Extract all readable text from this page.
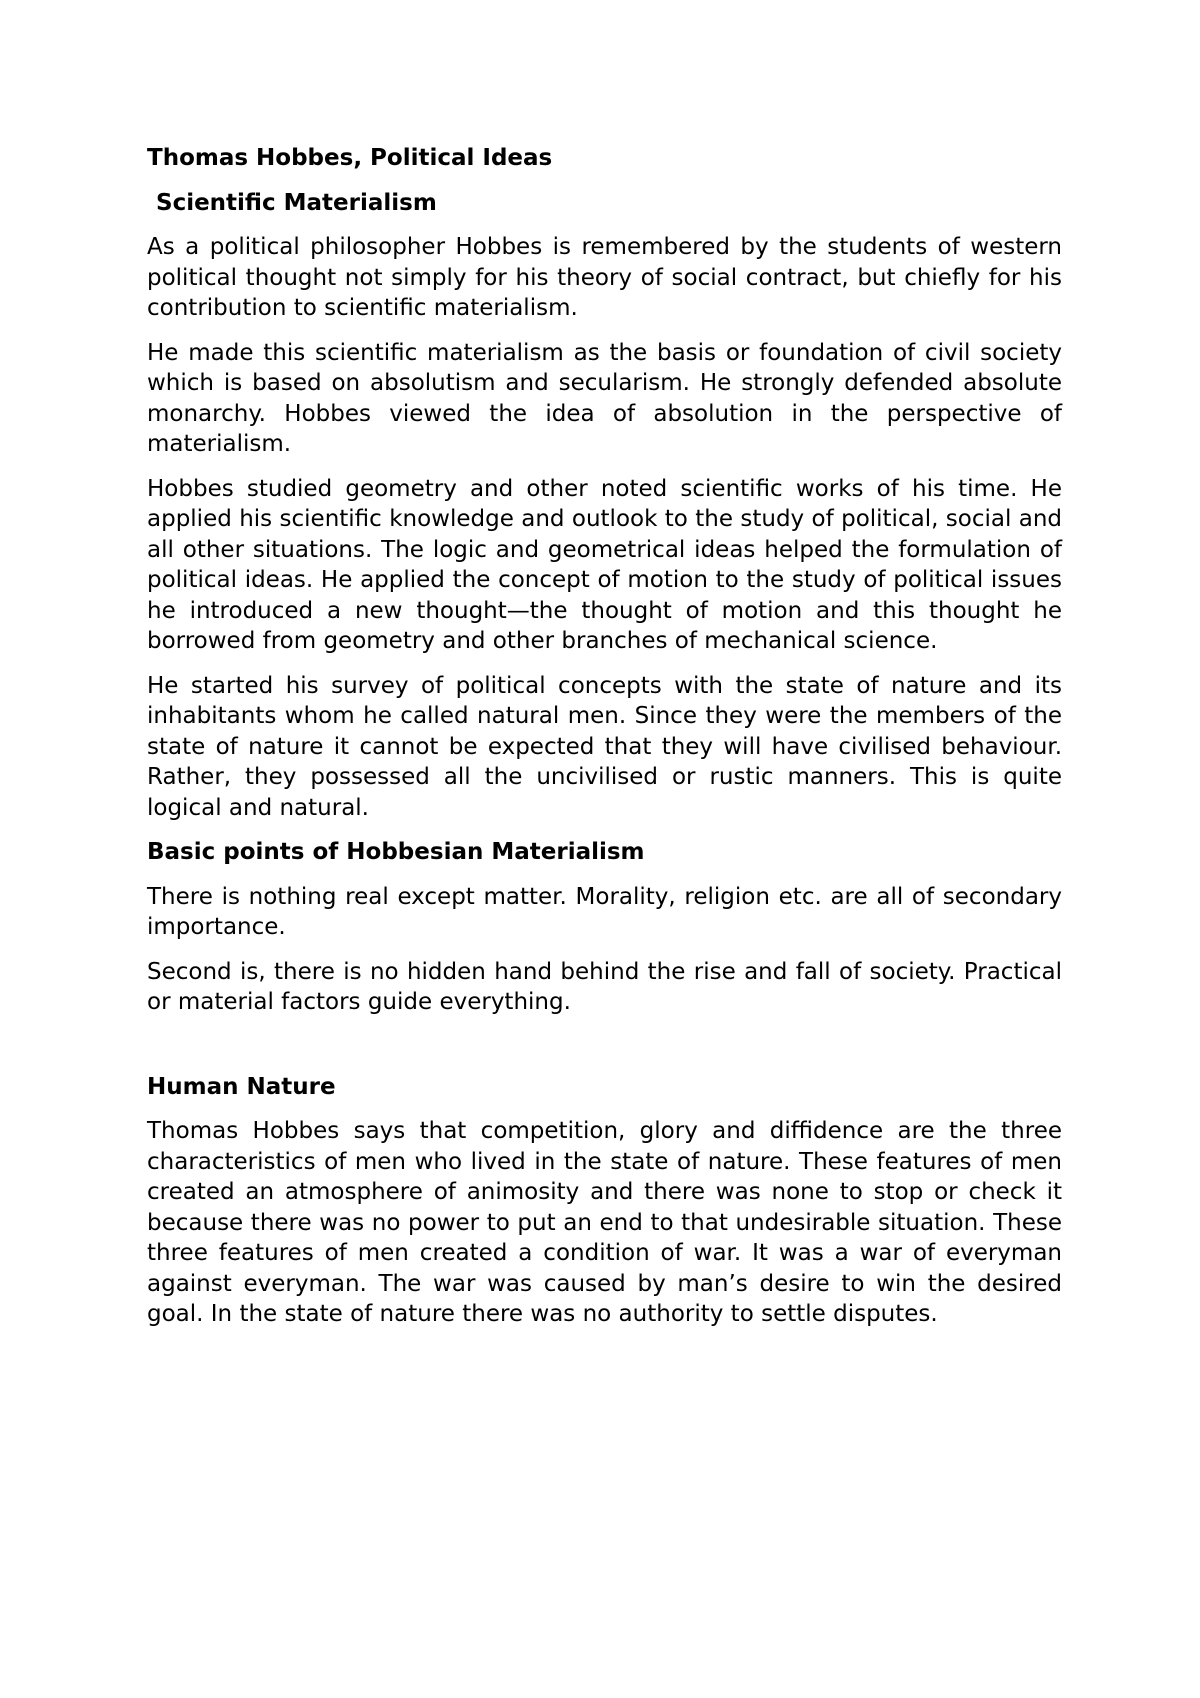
Thomas Hobbes, Political Ideas
Scientific Materialism

As a political philosopher Hobbes is remembered by the students of western political thought not simply for his theory of social contract, but chiefly for his contribution to scientific materialism.

He made this scientific materialism as the basis or foundation of civil society which is based on absolutism and secularism. He strongly defended absolute monarchy. Hobbes viewed the idea of absolution in the perspective of materialism.

Hobbes studied geometry and other noted scientific works of his time. He applied his scientific knowledge and outlook to the study of political, social and all other situations. The logic and geometrical ideas helped the formulation of political ideas. He applied the concept of motion to the study of political issues he introduced a new thought—the thought of motion and this thought he borrowed from geometry and other branches of mechanical science.

He started his survey of political concepts with the state of nature and its inhabitants whom he called natural men. Since they were the members of the state of nature it cannot be expected that they will have civilised behaviour. Rather, they possessed all the uncivilised or rustic manners. This is quite logical and natural.

Basic points of Hobbesian Materialism

There is nothing real except matter. Morality, religion etc. are all of secondary importance.

Second is, there is no hidden hand behind the rise and fall of society. Practical or material factors guide everything.

Human Nature

Thomas Hobbes says that competition, glory and diffidence are the three characteristics of men who lived in the state of nature. These features of men created an atmosphere of animosity and there was none to stop or check it because there was no power to put an end to that undesirable situation. These three features of men created a condition of war. It was a war of everyman against everyman. The war was caused by man’s desire to win the desired goal. In the state of nature there was no authority to settle disputes.
